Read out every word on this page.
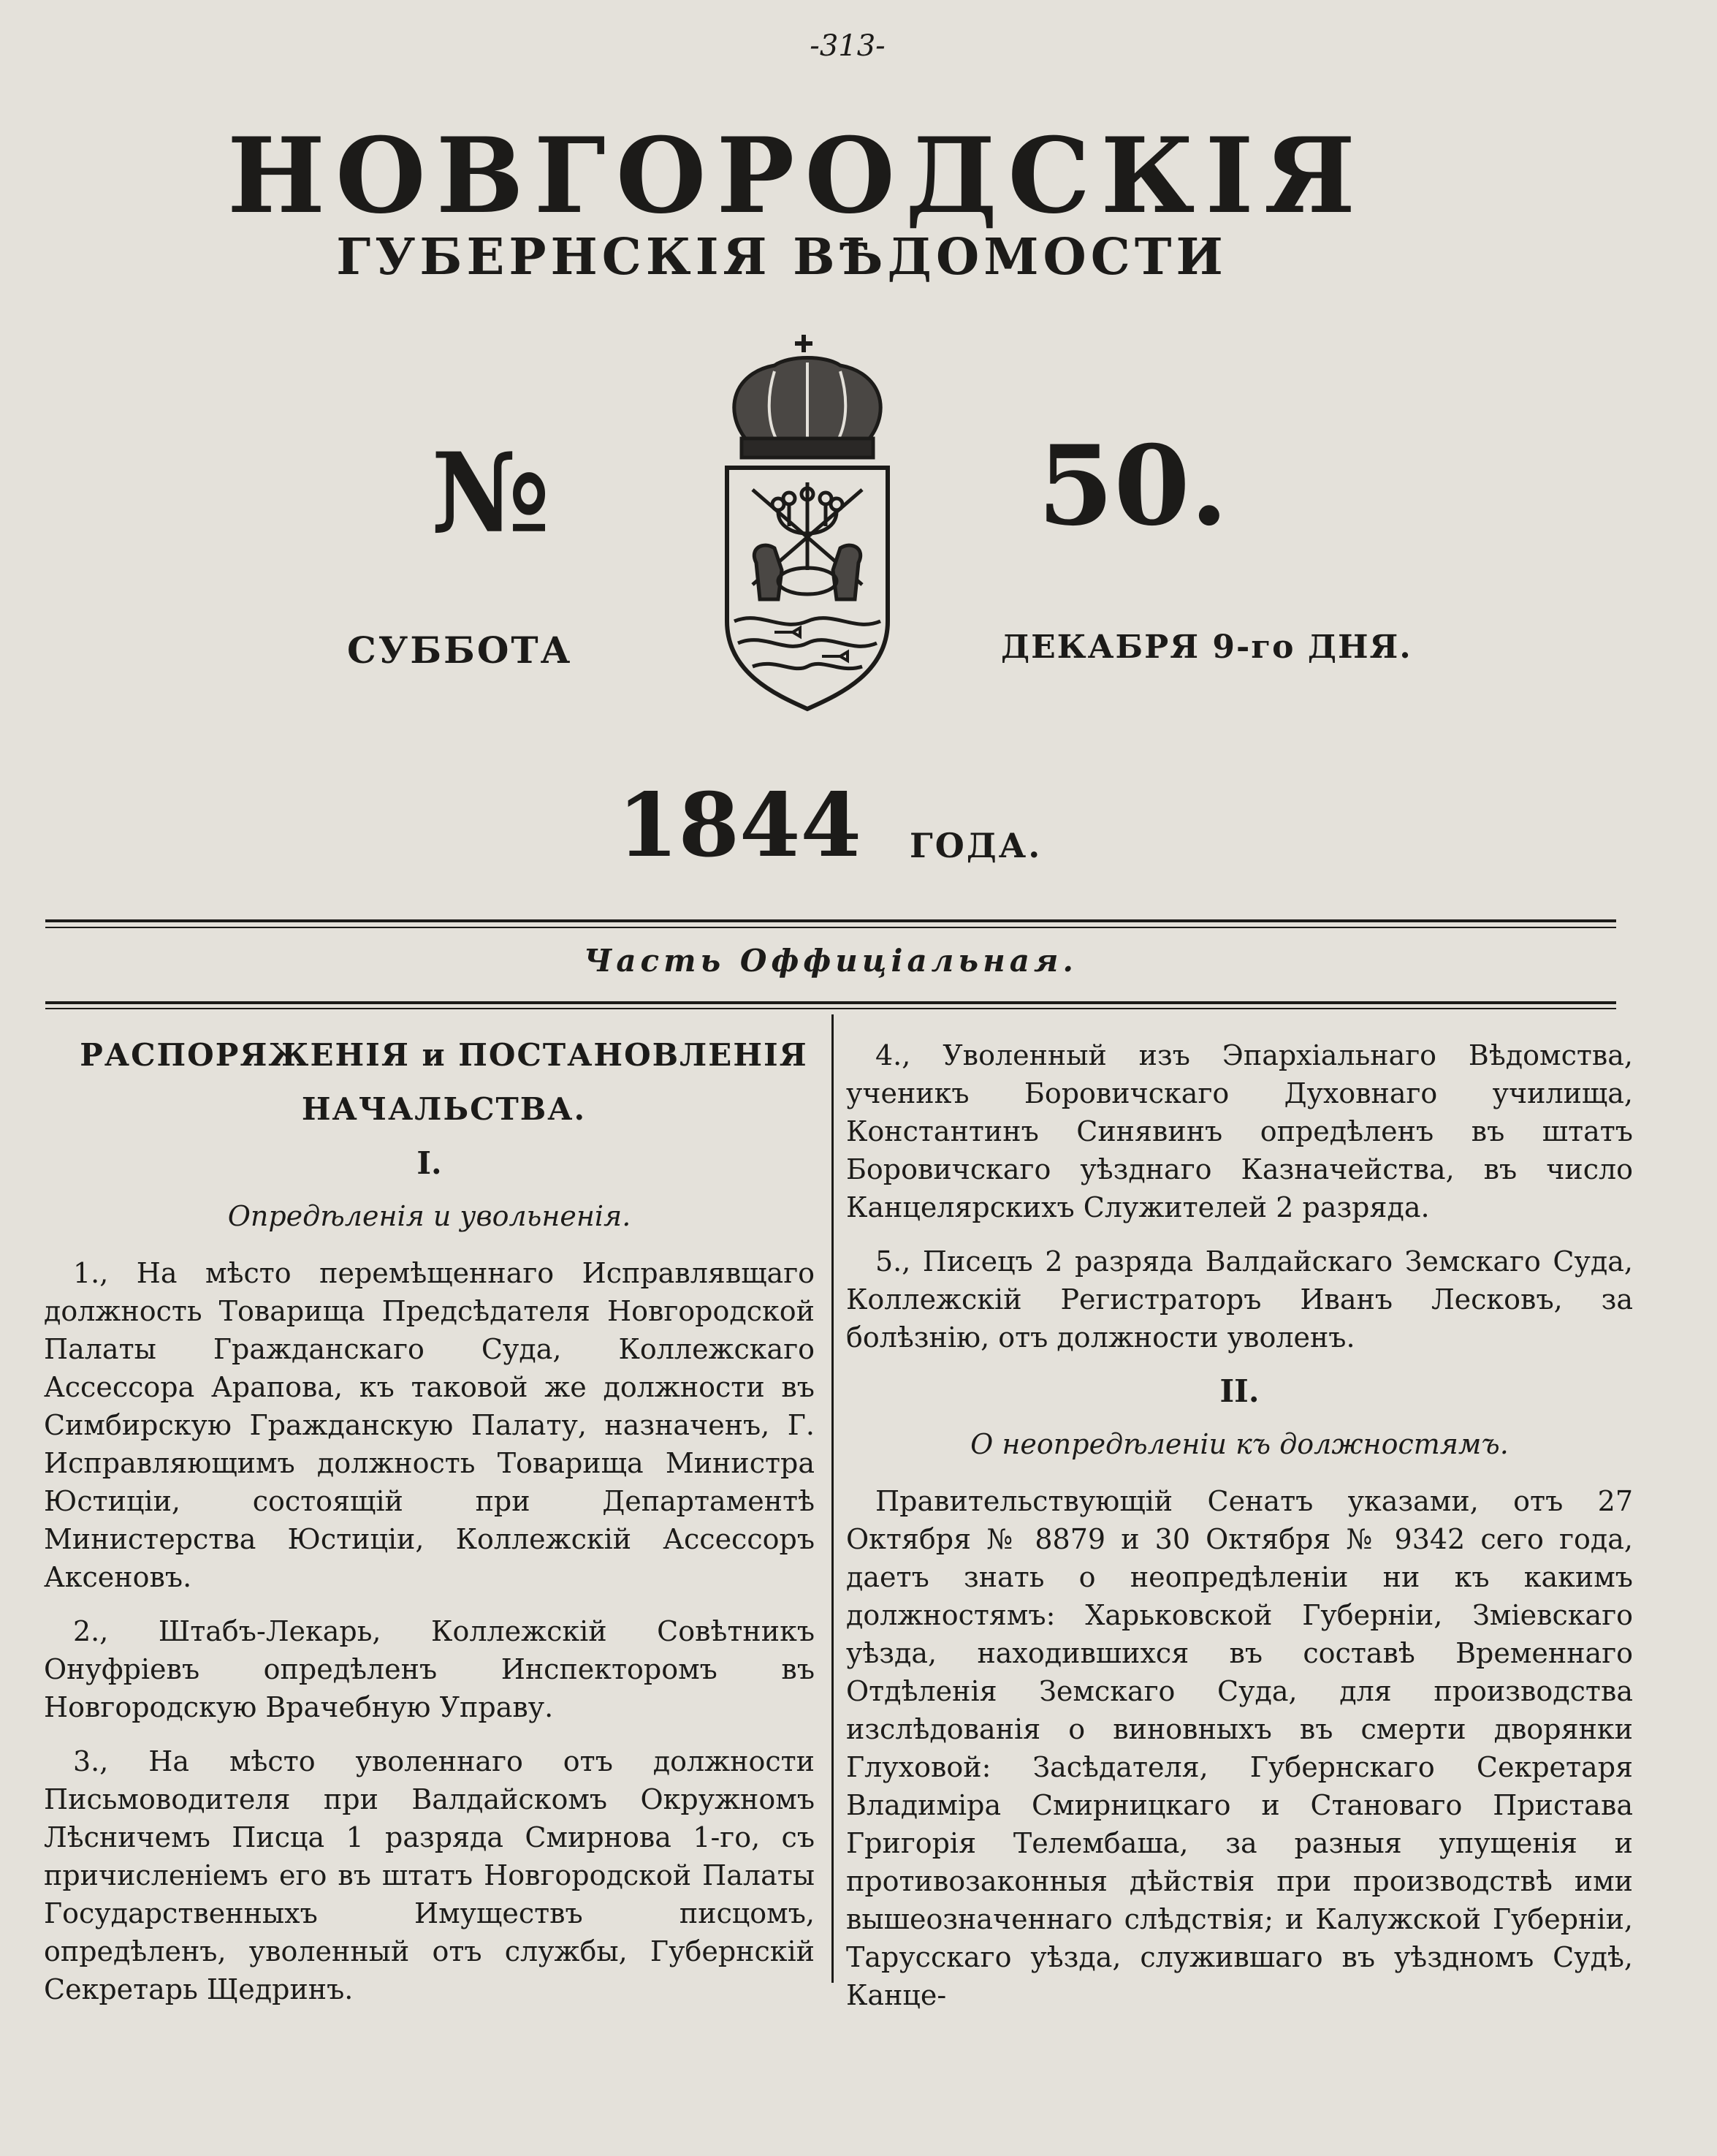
-313-
НОВГОРОДСКІЯ
ГУБЕРНСКІЯ ВѢДОМОСТИ
№	50.
СУББОТА	ДЕКАБРЯ 9-го ДНЯ.
1844 ГОДА.
Часть Оффиціальная.

РАСПОРЯЖЕНІЯ и ПОСТАНОВЛЕНІЯ

НАЧАЛЬСТВА.

I.
Опредѣленія и увольненія.

1., На мѣсто перемѣщеннаго Исправлявщаго должность Товарища Предсѣдателя Новгородской Палаты Гражданскаго Суда, Коллежскаго Ассессора Арапова, къ таковой же должности въ Симбирскую Гражданскую Палату, назначенъ, Г. Исправляющимъ должность Товарища Министра Юстиціи, состоящій при Департаментѣ Министерства Юстиціи, Коллежскій Ассессоръ Аксеновъ.

2., Штабъ-Лекарь, Коллежскій Совѣтникъ Онуфріевъ опредѣленъ Инспекторомъ въ Новгородскую Врачебную Управу.

3., На мѣсто уволеннаго отъ должности Письмоводителя при Валдайскомъ Окружномъ Лѣсничемъ Писца 1 разряда Смирнова 1-го, съ причисленіемъ его въ штатъ Новгородской Палаты Государственныхъ Имуществъ писцомъ, опредѣленъ, уволенный отъ службы, Губернскій Секретарь Щедринъ.

4., Уволенный изъ Эпархіальнаго Вѣдомства, ученикъ Боровичскаго Духовнаго училища, Константинъ Синявинъ опредѣленъ въ штатъ Боровичскаго уѣзднаго Казначейства, въ число Канцелярскихъ Служителей 2 разряда.

5., Писецъ 2 разряда Валдайскаго Земскаго Суда, Коллежскій Регистраторъ Иванъ Лесковъ, за болѣзнію, отъ должности уволенъ.

II.
О неопредѣленіи къ должностямъ.

Правительствующій Сенатъ указами, отъ 27 Октября № 8879 и 30 Октября № 9342 сего года, даетъ знать о неопредѣленіи ни къ какимъ должностямъ: Харьковской Губерніи, Зміевскаго уѣзда, находившихся въ составѣ Временнаго Отдѣленія Земскаго Суда, для производства изслѣдованія о виновныхъ въ смерти дворянки Глуховой: Засѣдателя, Губернскаго Секретаря Владиміра Смирницкаго и Становаго Пристава Григорія Телембаша, за разныя упущенія и противозаконныя дѣйствія при производствѣ ими вышеозначеннаго слѣдствія; и Калужской Губерніи, Тарусскаго уѣзда, служившаго въ уѣздномъ Судѣ, Канце-
